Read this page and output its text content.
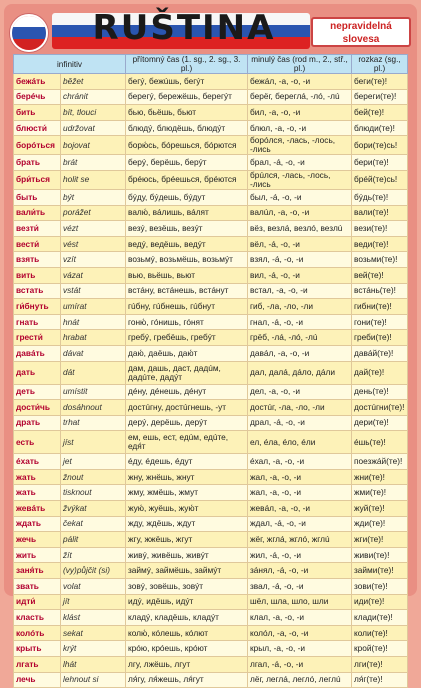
RUŠTINA	nepravidelná
slovesa
infinitiv		přítomný čas (1. sg., 2. sg., 3. pl.)	minulý čas (rod m., 2., stř., pl.)	rozkaz (sg., pl.)
бежáть	běžet	бегý, бежúшь, бегýт	бежáл, -а, -о, -и	беги(те)!
берéчь	chránit	берегý, бережёшь, берегýт	берёг, береглá, -лó, -лú	береги(те)!
бить	bít, tlouci	бью, бьёшь, бьют	бил, -а, -о, -и	бей(те)!
блюсти́	udržovat	блюдý, блюдёшь, блюдýт	блюл, -а, -о, -и	блюди(те)!
борóться	bojovat	борю́сь, бóрешься, бóрются	борóлся, -лась, -лось, -лись	бори(те)сь!
брать	brát	берý, берёшь, берýт	брал, -á, -о, -и	бери(те)!
бри́ться	holit se	брéюсь, брéешься, брéются	брúлся, -лась, -лось, -лись	брéй(те)сь!
быть	být	бýду, бýдешь, бýдут	был, -á, -о, -и	бýдь(те)!
вали́ть	porážet	валю́, вáлишь, вáлят	валúл, -а, -о, -и	вали(те)!
везти́	vézt	везý, везёшь, везýт	вёз, везлá, везлó, везлú	вези(те)!
вести́	vést	ведý, ведёшь, ведýт	вёл, -á, -о, -и	веди(те)!
взять	vzít	возьмý, возьмёшь, возьмýт	взял, -á, -о, -и	возьми(те)!
вить	vázat	вью, вьёшь, вьют	вил, -á, -о, -и	вей(те)!
встать	vstát	встáну, встáнешь, встáнут	встал, -а, -о, -и	встáнь(те)!
ги́бнуть	umírat	гúбну, гúбнешь, гúбнут	гиб, -ла, -ло, -ли	гибни(те)!
гнать	hnát	гоню́, гóнишь, гóнят	гнал, -á, -о, -и	гони(те)!
грести́	hrabat	гребý, гребёшь, гребýт	грёб, -лá, -лó, -лú	греби(те)!
давáть	dávat	даю́, даёшь, даю́т	давáл, -а, -о, -и	давáй(те)!
дать	dát	дам, дашь, даст, дадúм, дадúте, дадýт	дал, далá, дáло, дáли	дай(те)!
деть	umístit	дéну, дéнешь, дéнут	дел, -а, -о, -и	день(те)!
дости́чь	dosáhnout	достúгну, достúгнешь, -ут	достúг, -ла, -ло, -ли	достúгни(те)!
драть	trhat	дерý, дерёшь, дерýт	драл, -á, -о, -и	дери(те)!
есть	jíst	ем, ешь, ест, едúм, едúте, едя́т	ел, éла, éло, éли	éшь(те)!
éхать	jet	éду, éдешь, éдут	éхал, -а, -о, -и	поезжáй(те)!
жать	žnout	жну, жнёшь, жнут	жал, -а, -о, -и	жни(те)!
жать	tisknout	жму, жмёшь, жмут	жал, -а, -о, -и	жми(те)!
жевáть	žvýkat	жую́, жуёшь, жую́т	жевáл, -а, -о, -и	жуй(те)!
ждать	čekat	жду, ждёшь, ждут	ждал, -á, -о, -и	жди(те)!
жечь	pálit	жгу, жжёшь, жгут	жёг, жглá, жглó, жглú	жги(те)!
жить	žít	живý, живёшь, живýт	жил, -á, -о, -и	живи(те)!
заня́ть	(vy)půjčit (si)	займý, займёшь, займýт	зáнял, -á, -о, -и	займи(те)!
звать	volat	зовý, зовёшь, зовýт	звал, -á, -о, -и	зови(те)!
идти́	jít	идý, идёшь, идýт	шёл, шла, шло, шли	иди(те)!
класть	klást	кладý, кладёшь, кладýт	клал, -а, -о, -и	клади(те)!
колóть	sekat	колю́, кóлешь, кóлют	колóл, -а, -о, -и	коли(те)!
крыть	krýt	крóю, крóешь, крóют	крыл, -а, -о, -и	крой(те)!
лгать	lhát	лгу, лжёшь, лгут	лгал, -á, -о, -и	лги(те)!
лечь	lehnout si	ля́гу, ля́жешь, ля́гут	лёг, леглá, леглó, леглú	ля́г(те)!
